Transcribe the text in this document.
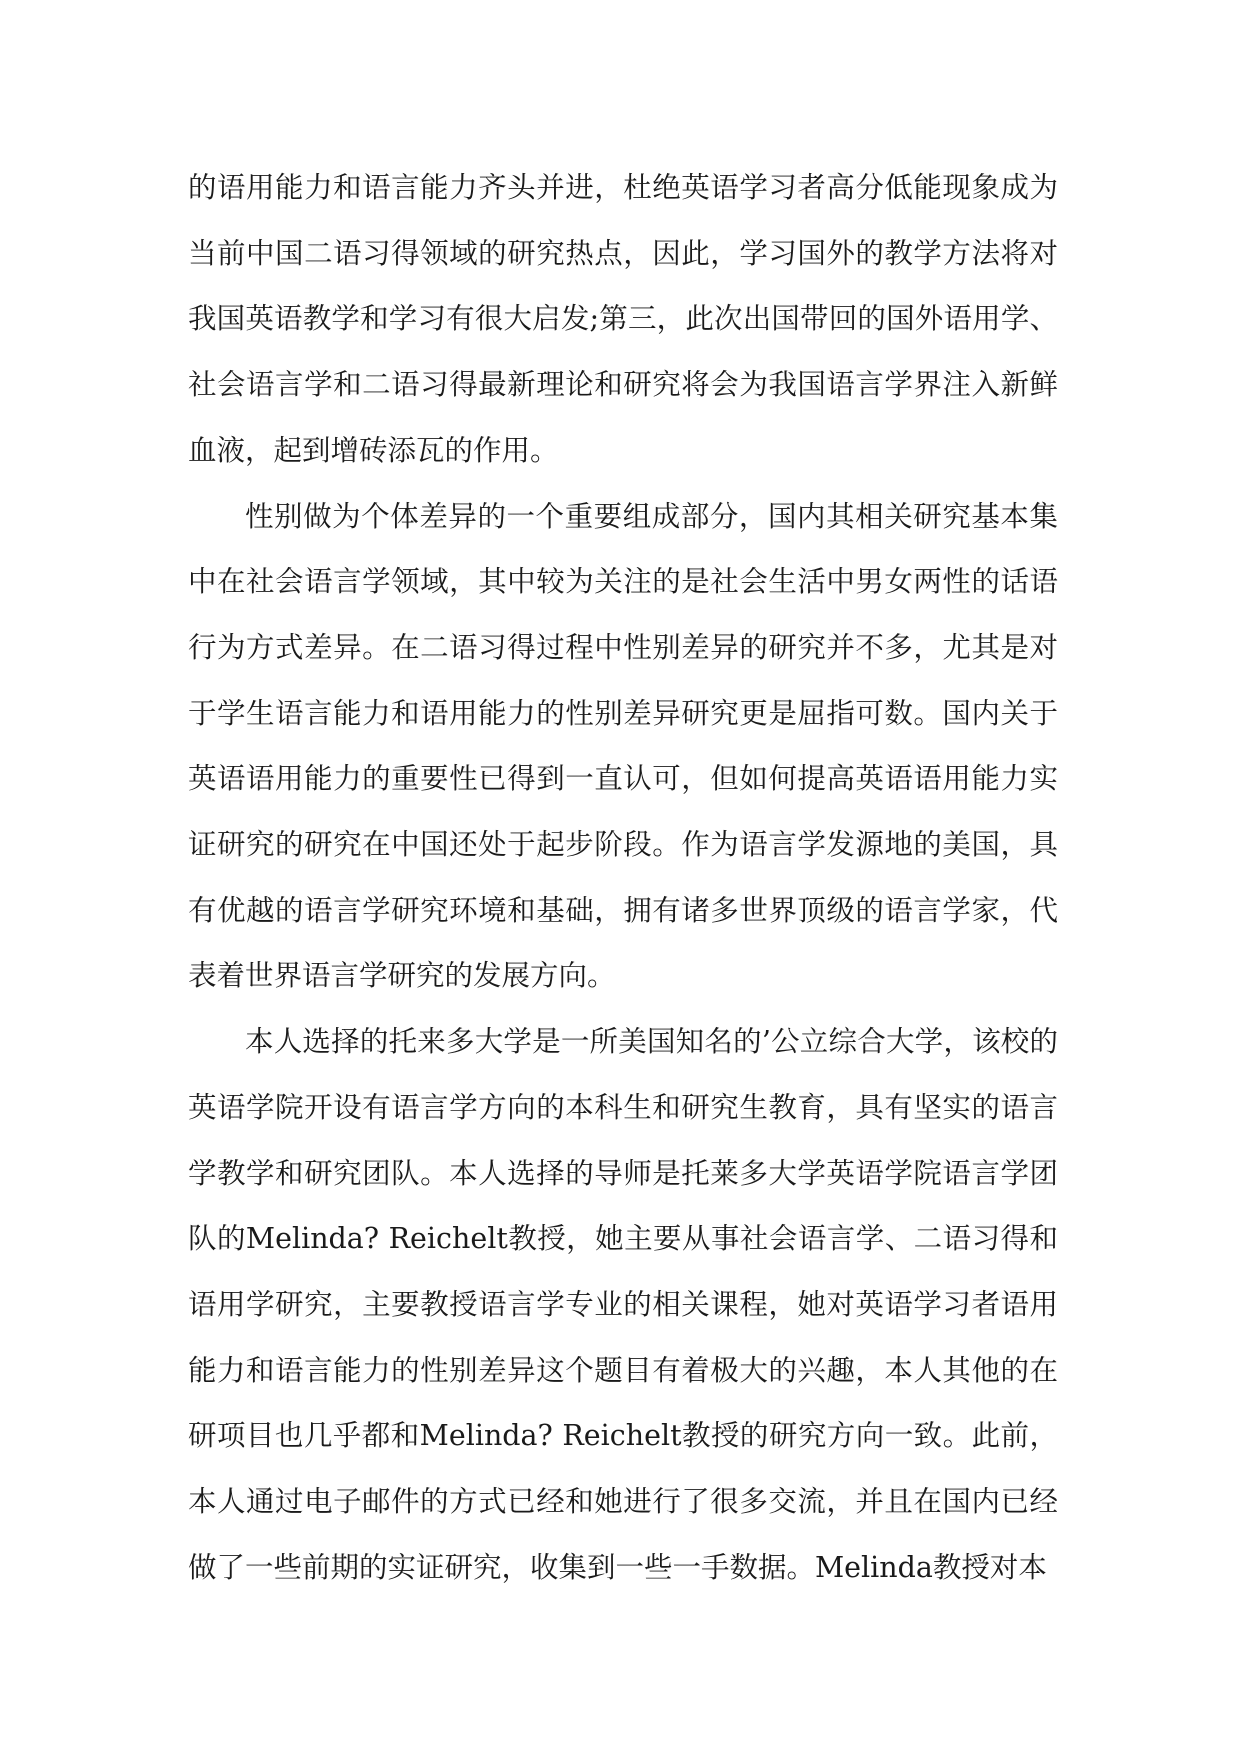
的语用能力和语言能力齐头并进，杜绝英语学习者高分低能现象成为当前中国二语习得领域的研究热点，因此，学习国外的教学方法将对我国英语教学和学习有很大启发;第三，此次出国带回的国外语用学、社会语言学和二语习得最新理论和研究将会为我国语言学界注入新鲜血液，起到增砖添瓦的作用。

性别做为个体差异的一个重要组成部分，国内其相关研究基本集中在社会语言学领域，其中较为关注的是社会生活中男女两性的话语行为方式差异。在二语习得过程中性别差异的研究并不多，尤其是对于学生语言能力和语用能力的性别差异研究更是屈指可数。国内关于英语语用能力的重要性已得到一直认可，但如何提高英语语用能力实证研究的研究在中国还处于起步阶段。作为语言学发源地的美国，具有优越的语言学研究环境和基础，拥有诸多世界顶级的语言学家，代表着世界语言学研究的发展方向。

本人选择的托来多大学是一所美国知名的’公立综合大学，该校的英语学院开设有语言学方向的本科生和研究生教育，具有坚实的语言学教学和研究团队。本人选择的导师是托莱多大学英语学院语言学团队的Melinda? Reichelt教授，她主要从事社会语言学、二语习得和语用学研究，主要教授语言学专业的相关课程，她对英语学习者语用能力和语言能力的性别差异这个题目有着极大的兴趣，本人其他的在研项目也几乎都和Melinda? Reichelt教授的研究方向一致。此前，本人通过电子邮件的方式已经和她进行了很多交流，并且在国内已经做了一些前期的实证研究，收集到一些一手数据。Melinda教授对本
